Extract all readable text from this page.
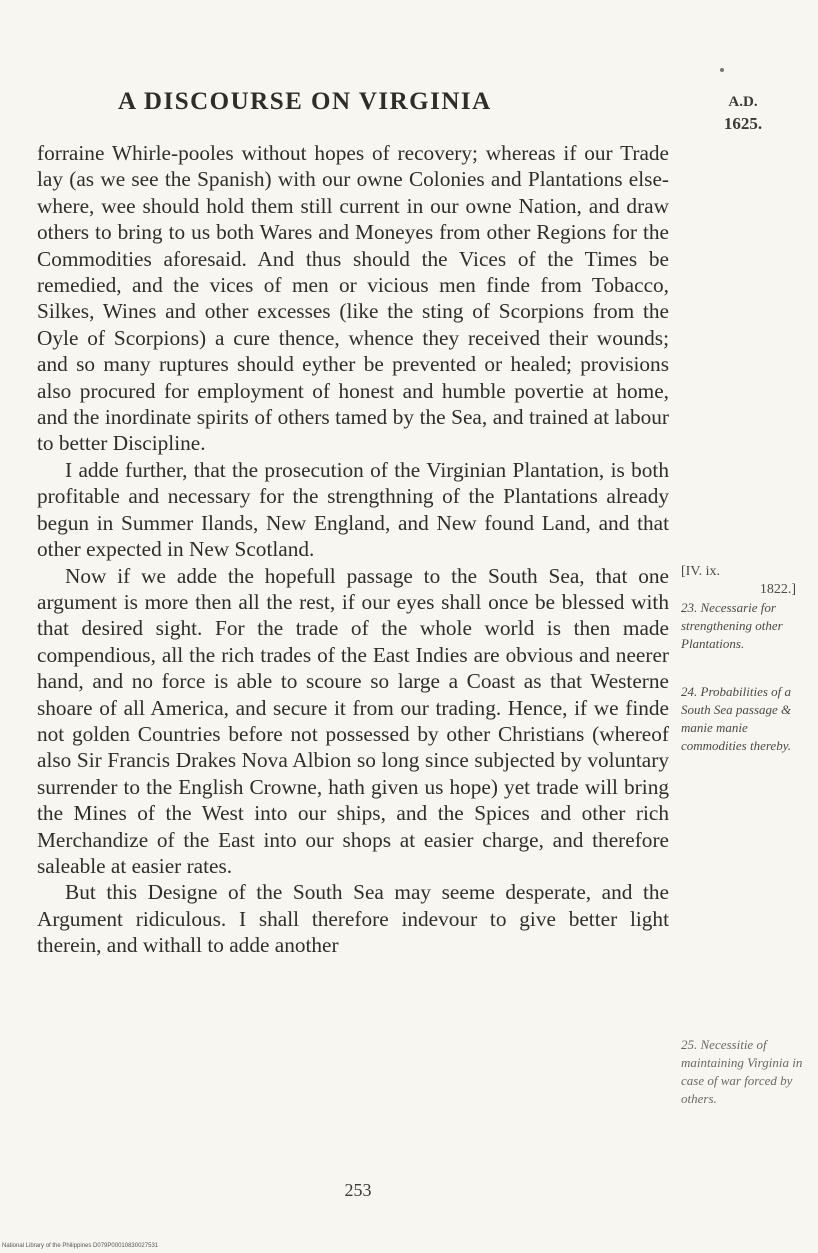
A DISCOURSE ON VIRGINIA	A.D.
1625.

forraine Whirle-pooles without hopes of recovery; whereas if our Trade lay (as we see the Spanish) with our owne Colonies and Plantations else-where, wee should hold them still current in our owne Nation, and draw others to bring to us both Wares and Moneyes from other Regions for the Commodities aforesaid. And thus should the Vices of the Times be remedied, and the vices of men or vicious men finde from Tobacco, Silkes, Wines and other excesses (like the sting of Scorpions from the Oyle of Scorpions) a cure thence, whence they received their wounds; and so many ruptures should eyther be prevented or healed; provisions also procured for employment of honest and humble povertie at home, and the inordinate spirits of others tamed by the Sea, and trained at labour to better Discipline.

I adde further, that the prosecution of the Virginian Plantation, is both profitable and necessary for the strengthning of the Plantations already begun in Summer Ilands, New England, and New found Land, and that other expected in New Scotland.

Now if we adde the hopefull passage to the South Sea, that one argument is more then all the rest, if our eyes shall once be blessed with that desired sight. For the trade of the whole world is then made compendious, all the rich trades of the East Indies are obvious and neerer hand, and no force is able to scoure so large a Coast as that Westerne shoare of all America, and secure it from our trading. Hence, if we finde not golden Countries before not possessed by other Christians (whereof also Sir Francis Drakes Nova Albion so long since subjected by voluntary surrender to the English Crowne, hath given us hope) yet trade will bring the Mines of the West into our ships, and the Spices and other rich Merchandize of the East into our shops at easier charge, and therefore saleable at easier rates.

But this Designe of the South Sea may seeme desperate, and the Argument ridiculous. I shall therefore indevour to give better light therein, and withall to adde another

[IV. ix.
1822.]
23. Necessarie for strengthening other Plantations.
24. Probabilities of a South Sea passage & manie manie commodities thereby.
25. Necessitie of maintaining Virginia in case of war forced by others.
253
National Library of the Philippines D079P00010830027531
